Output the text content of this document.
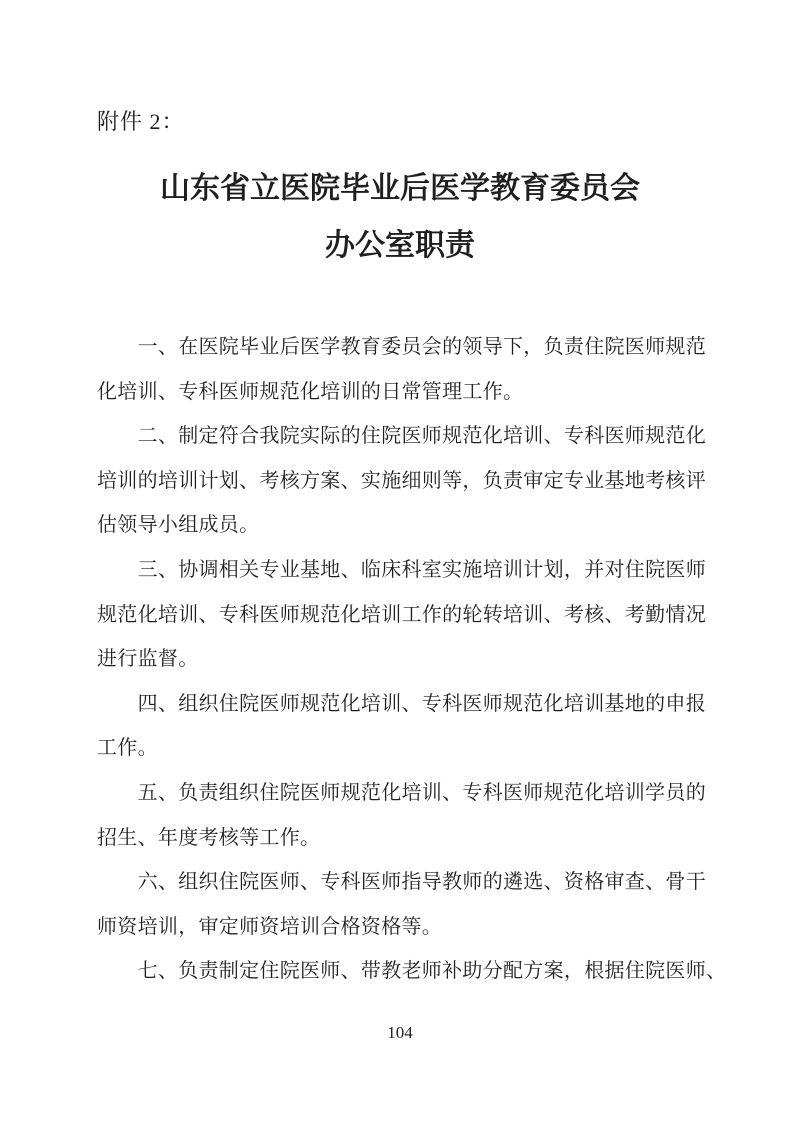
附件 2：
山东省立医院毕业后医学教育委员会
办公室职责
　　一、在医院毕业后医学教育委员会的领导下，负责住院医师规范
化培训、专科医师规范化培训的日常管理工作。
　　二、制定符合我院实际的住院医师规范化培训、专科医师规范化
培训的培训计划、考核方案、实施细则等，负责审定专业基地考核评
估领导小组成员。
　　三、协调相关专业基地、临床科室实施培训计划，并对住院医师
规范化培训、专科医师规范化培训工作的轮转培训、考核、考勤情况
进行监督。
　　四、组织住院医师规范化培训、专科医师规范化培训基地的申报
工作。
　　五、负责组织住院医师规范化培训、专科医师规范化培训学员的
招生、年度考核等工作。
　　六、组织住院医师、专科医师指导教师的遴选、资格审查、骨干
师资培训，审定师资培训合格资格等。
　　七、负责制定住院医师、带教老师补助分配方案，根据住院医师、
104
